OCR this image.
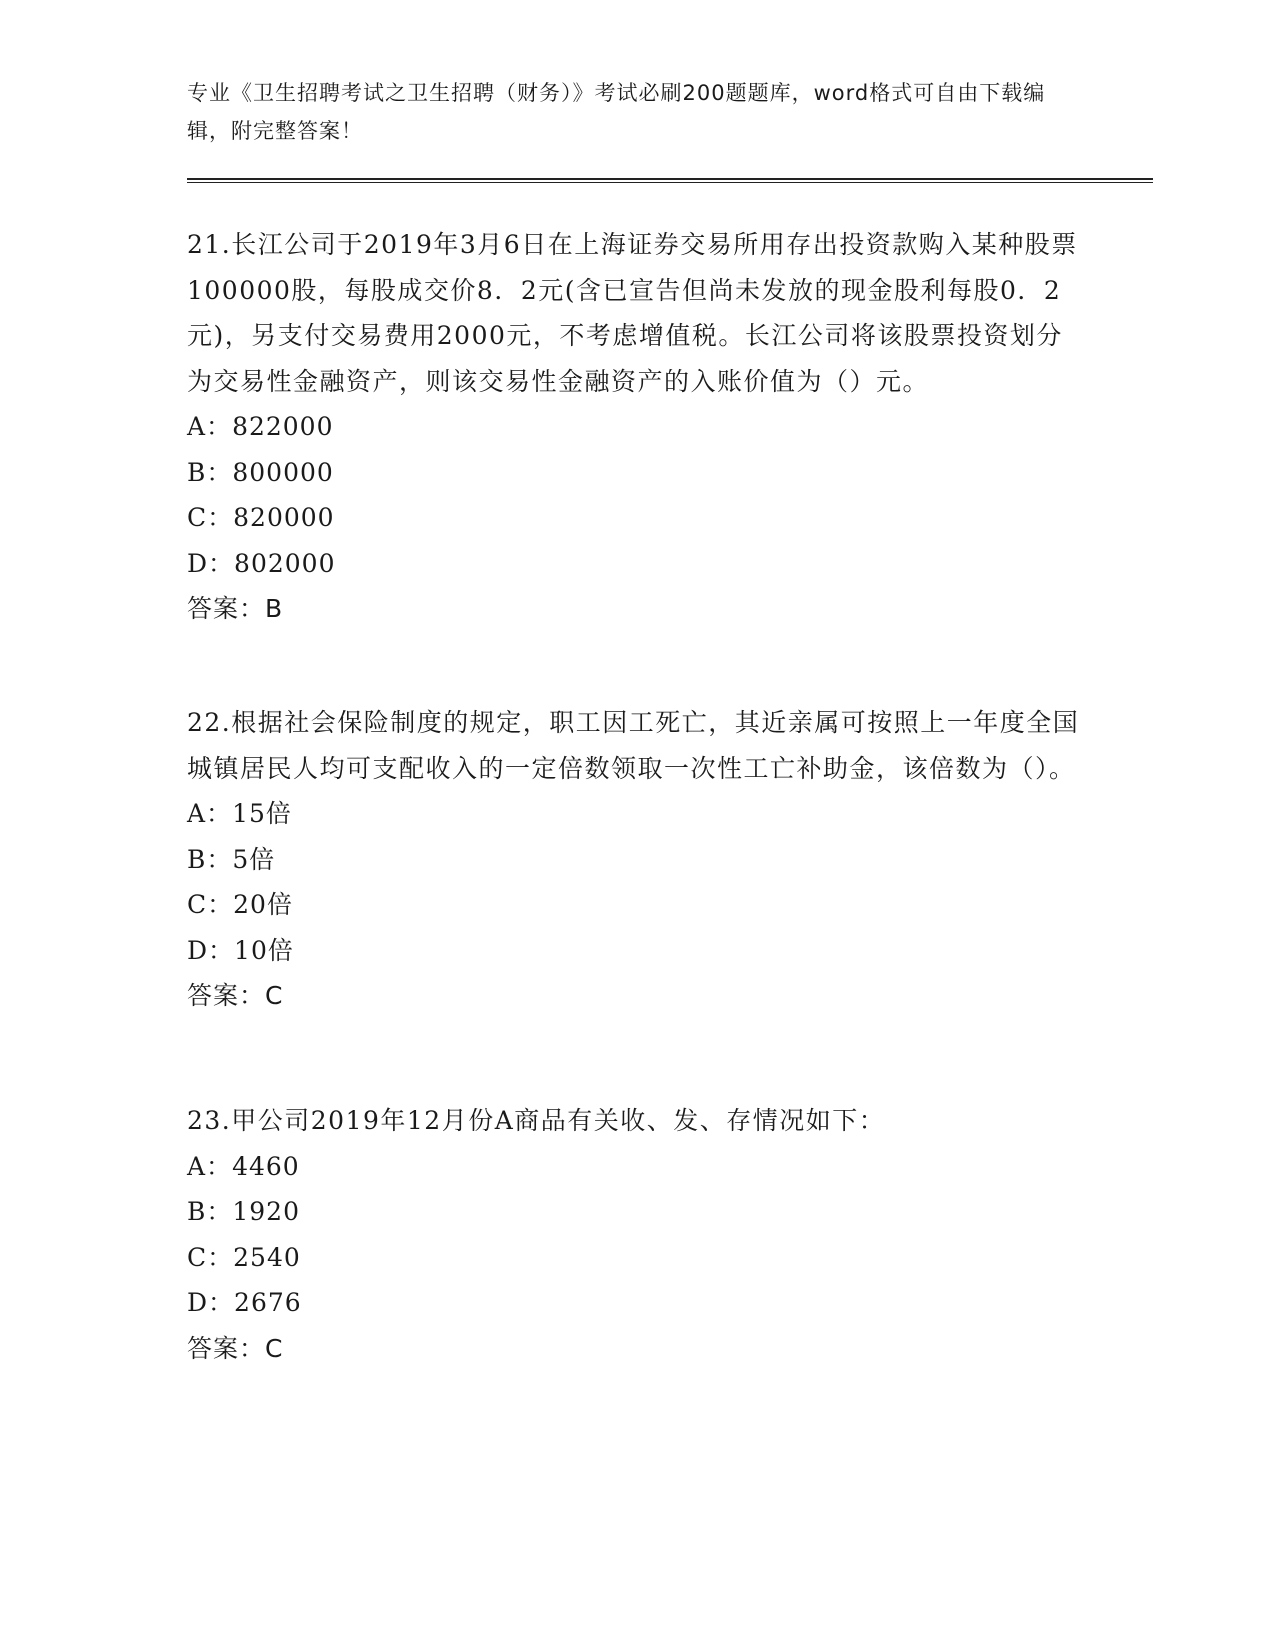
专业《卫生招聘考试之卫生招聘（财务）》考试必刷200题题库，word格式可自由下载编辑，附完整答案！

21.长江公司于2019年3月6日在上海证券交易所用存出投资款购入某种股票100000股，每股成交价8．2元(含已宣告但尚未发放的现金股利每股0．2元)，另支付交易费用2000元，不考虑增值税。长江公司将该股票投资划分为交易性金融资产，则该交易性金融资产的入账价值为（）元。

A： 822000
B： 800000
C： 820000
D： 802000

答案：B

22.根据社会保险制度的规定，职工因工死亡，其近亲属可按照上一年度全国城镇居民人均可支配收入的一定倍数领取一次性工亡补助金，该倍数为（）。

A： 15倍
B： 5倍
C： 20倍
D： 10倍

答案：C

23.甲公司2019年12月份A商品有关收、发、存情况如下：

A： 4460
B： 1920
C： 2540
D： 2676

答案：C
